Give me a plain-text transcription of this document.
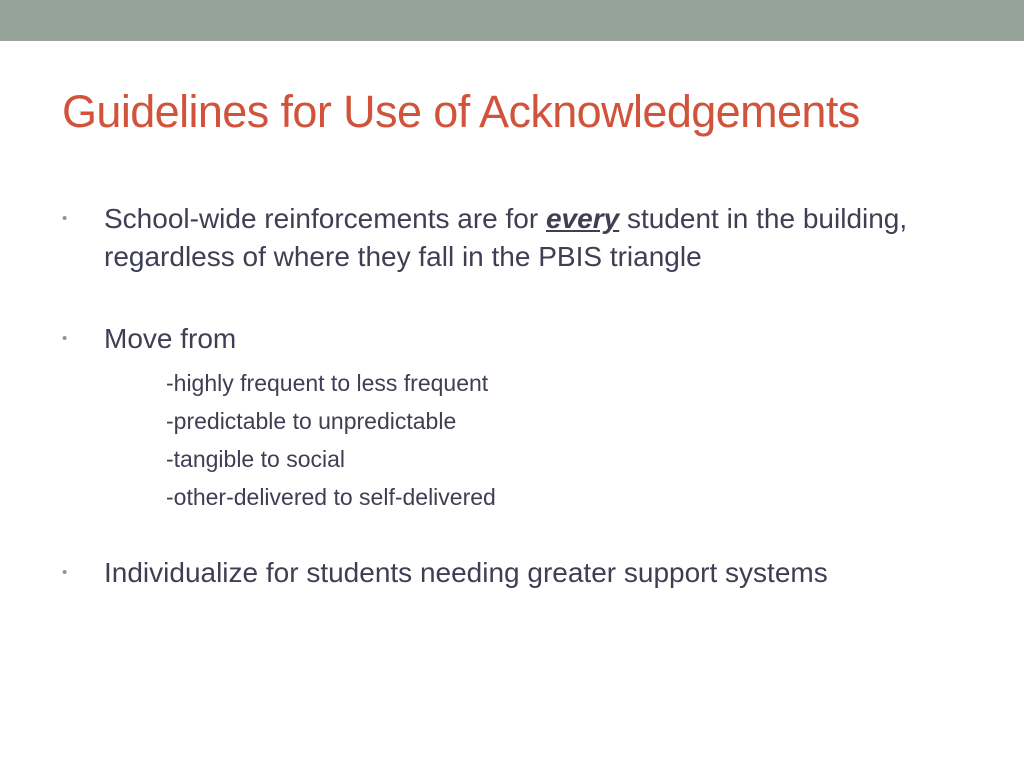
Guidelines for Use of Acknowledgements
•	School-wide reinforcements are for every student in the building, regardless of where they fall in the PBIS triangle
•	Move from
-highly frequent to less frequent
-predictable to unpredictable
-tangible to social
-other-delivered to self-delivered
•	Individualize for students needing greater support systems
